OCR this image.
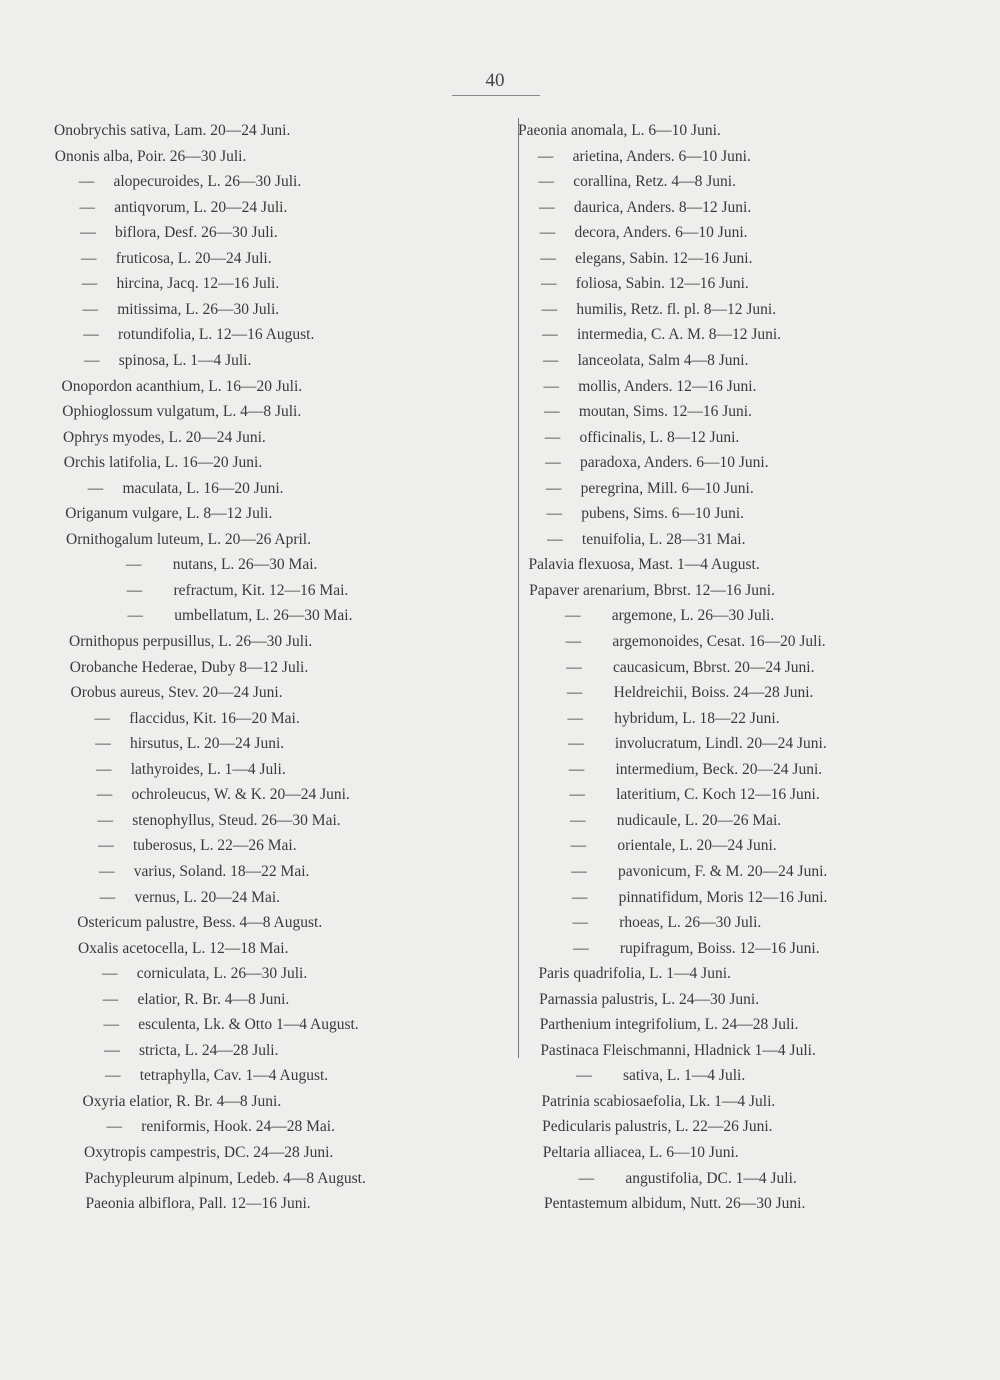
40
Onobrychis sativa, Lam. 20—24 Juni.
Ononis alba, Poir. 26—30 Juli.
— alopecuroides, L. 26—30 Juli.
— antiqvorum, L. 20—24 Juli.
— biflora, Desf. 26—30 Juli.
— fruticosa, L. 20—24 Juli.
— hircina, Jacq. 12—16 Juli.
— mitissima, L. 26—30 Juli.
— rotundifolia, L. 12—16 August.
— spinosa, L. 1—4 Juli.
Onopordon acanthium, L. 16—20 Juli.
Ophioglossum vulgatum, L. 4—8 Juli.
Ophrys myodes, L. 20—24 Juni.
Orchis latifolia, L. 16—20 Juni.
— maculata, L. 16—20 Juni.
Origanum vulgare, L. 8—12 Juli.
Ornithogalum luteum, L. 20—26 April.
— nutans, L. 26—30 Mai.
— refractum, Kit. 12—16 Mai.
— umbellatum, L. 26—30 Mai.
Ornithopus perpusillus, L. 26—30 Juli.
Orobanche Hederae, Duby 8—12 Juli.
Orobus aureus, Stev. 20—24 Juni.
— flaccidus, Kit. 16—20 Mai.
— hirsutus, L. 20—24 Juni.
— lathyroides, L. 1—4 Juli.
— ochroleucus, W. & K. 20—24 Juni.
— stenophyllus, Steud. 26—30 Mai.
— tuberosus, L. 22—26 Mai.
— varius, Soland. 18—22 Mai.
— vernus, L. 20—24 Mai.
Ostericum palustre, Bess. 4—8 August.
Oxalis acetocella, L. 12—18 Mai.
— corniculata, L. 26—30 Juli.
— elatior, R. Br. 4—8 Juni.
— esculenta, Lk. & Otto 1—4 August.
— stricta, L. 24—28 Juli.
— tetraphylla, Cav. 1—4 August.
Oxyria elatior, R. Br. 4—8 Juni.
— reniformis, Hook. 24—28 Mai.
Oxytropis campestris, DC. 24—28 Juni.
Pachypleurum alpinum, Ledeb. 4—8 August.
Paeonia albiflora, Pall. 12—16 Juni.
Paeonia anomala, L. 6—10 Juni.
— arietina, Anders. 6—10 Juni.
— corallina, Retz. 4—8 Juni.
— daurica, Anders. 8—12 Juni.
— decora, Anders. 6—10 Juni.
— elegans, Sabin. 12—16 Juni.
— foliosa, Sabin. 12—16 Juni.
— humilis, Retz. fl. pl. 8—12 Juni.
— intermedia, C. A. M. 8—12 Juni.
— lanceolata, Salm 4—8 Juni.
— mollis, Anders. 12—16 Juni.
— moutan, Sims. 12—16 Juni.
— officinalis, L. 8—12 Juni.
— paradoxa, Anders. 6—10 Juni.
— peregrina, Mill. 6—10 Juni.
— pubens, Sims. 6—10 Juni.
— tenuifolia, L. 28—31 Mai.
Palavia flexuosa, Mast. 1—4 August.
Papaver arenarium, Bbrst. 12—16 Juni.
— argemone, L. 26—30 Juli.
— argemonoides, Cesat. 16—20 Juli.
— caucasicum, Bbrst. 20—24 Juni.
— Heldreichii, Boiss. 24—28 Juni.
— hybridum, L. 18—22 Juni.
— involucratum, Lindl. 20—24 Juni.
— intermedium, Beck. 20—24 Juni.
— lateritium, C. Koch 12—16 Juni.
— nudicaule, L. 20—26 Mai.
— orientale, L. 20—24 Juni.
— pavonicum, F. & M. 20—24 Juni.
— pinnatifidum, Moris 12—16 Juni.
— rhoeas, L. 26—30 Juli.
— rupifragum, Boiss. 12—16 Juni.
Paris quadrifolia, L. 1—4 Juni.
Parnassia palustris, L. 24—30 Juni.
Parthenium integrifolium, L. 24—28 Juli.
Pastinaca Fleischmanni, Hladnick 1—4 Juli.
— sativa, L. 1—4 Juli.
Patrinia scabiosaefolia, Lk. 1—4 Juli.
Pedicularis palustris, L. 22—26 Juni.
Peltaria alliacea, L. 6—10 Juni.
— angustifolia, DC. 1—4 Juli.
Pentastemum albidum, Nutt. 26—30 Juni.
